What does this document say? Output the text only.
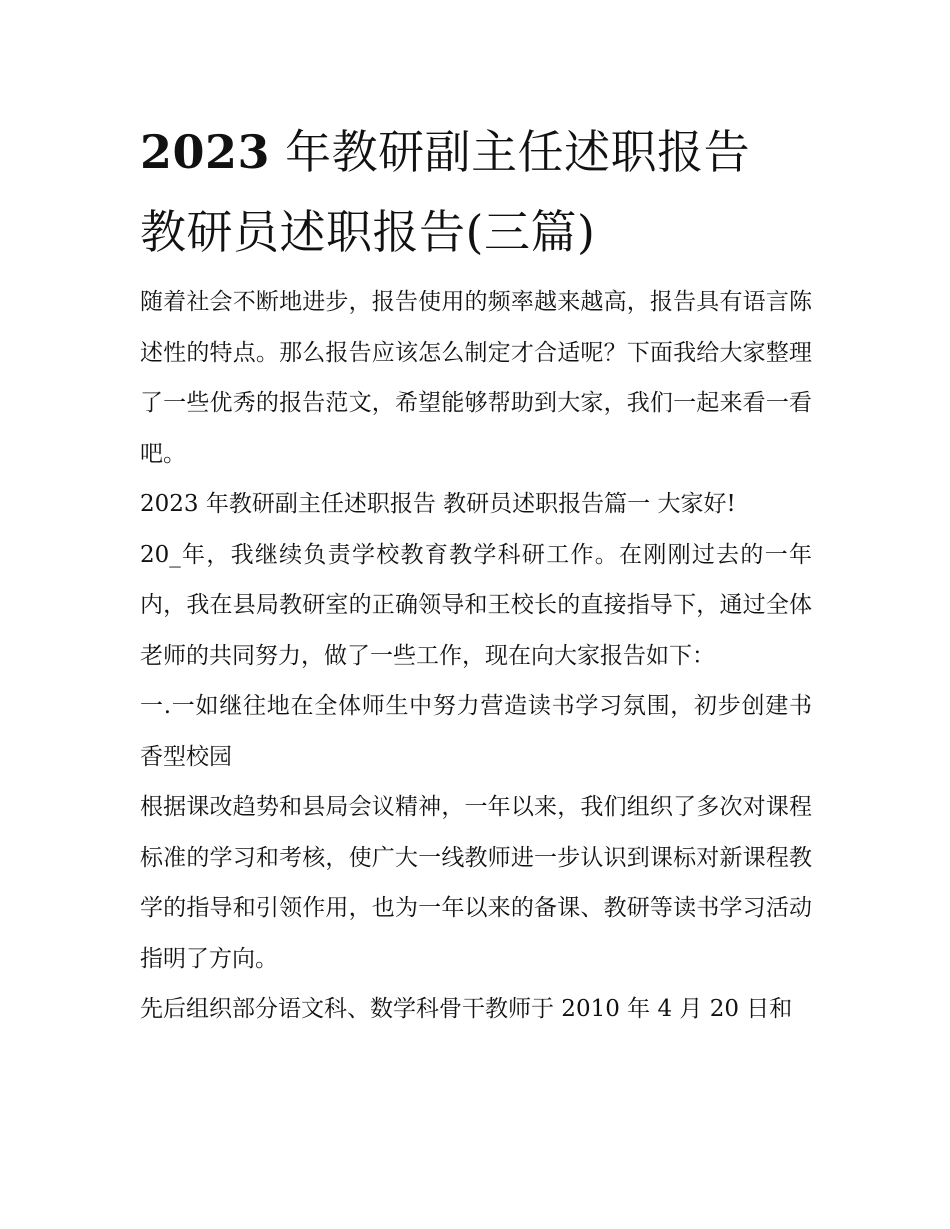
2023 年教研副主任述职报告
教研员述职报告(三篇)

随着社会不断地进步，报告使用的频率越来越高，报告具有语言陈述性的特点。那么报告应该怎么制定才合适呢？下面我给大家整理了一些优秀的报告范文，希望能够帮助到大家，我们一起来看一看吧。

2023 年教研副主任述职报告 教研员述职报告篇一 大家好!

20_年，我继续负责学校教育教学科研工作。在刚刚过去的一年内，我在县局教研室的正确领导和王校长的直接指导下，通过全体老师的共同努力，做了一些工作，现在向大家报告如下：

一.一如继往地在全体师生中努力营造读书学习氛围，初步创建书香型校园

根据课改趋势和县局会议精神，一年以来，我们组织了多次对课程标准的学习和考核，使广大一线教师进一步认识到课标对新课程教学的指导和引领作用，也为一年以来的备课、教研等读书学习活动指明了方向。

先后组织部分语文科、数学科骨干教师于 2010 年 4 月 20 日和
